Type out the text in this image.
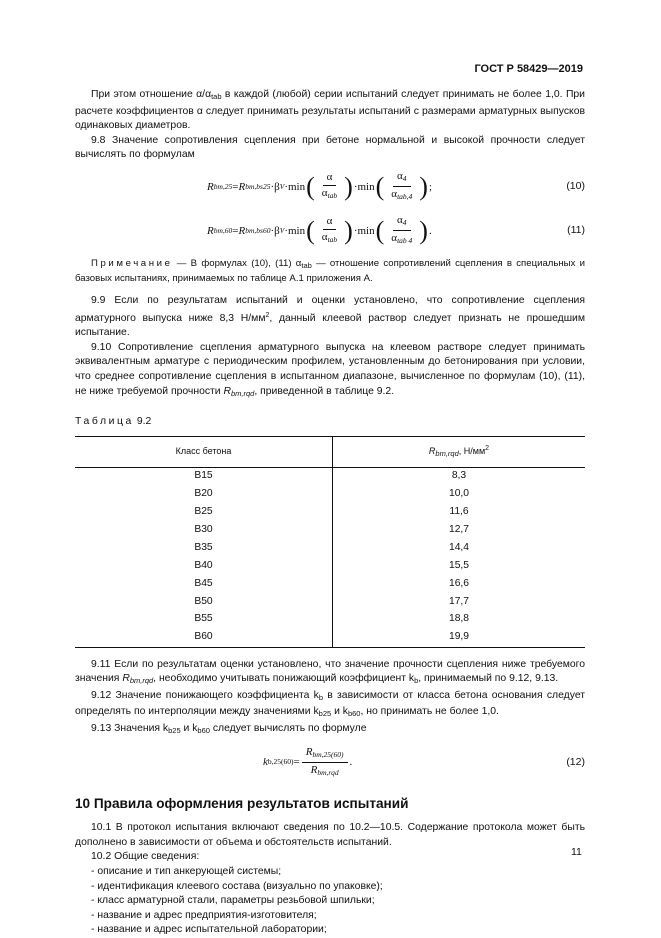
ГОСТ Р 58429—2019

При этом отношение $\alpha/\alpha_{tab}$ в каждой (любой) серии испытаний следует принимать не более 1,0. При расчете коэффициентов α следует принимать результаты испытаний с размерами арматурных выпусков одинаковых диаметров.

9.8 Значение сопротивления сцепления при бетоне нормальной и высокой прочности следует вычислять по формулам

R bm,25 = R bm,bs25 · β V · min ( $\frac{\alpha}{\alpha_{tab}}$ ) · min ( $\frac{\alpha_4}{\alpha_{tab,4}}$ ) ;	(10)
R bm,60 = R bm,bs60 · β V · min ( $\frac{\alpha}{\alpha_{tab}}$ ) · min ( $\frac{\alpha_4}{\alpha_{tab 4}}$ ) .	(11)

Примечание — В формулах (10), (11) $\alpha_{tab}$ — отношение сопротивлений сцепления в специальных и базовых испытаниях, принимаемых по таблице А.1 приложения А.

9.9 Если по результатам испытаний и оценки установлено, что сопротивление сцепления арматурного выпуска ниже 8,3 $Н/мм^2$, данный клеевой раствор следует признать не прошедшим испытание.

9.10 Сопротивление сцепления арматурного выпуска на клеевом растворе следует принимать эквивалентным арматуре с периодическим профилем, установленным до бетонирования при условии, что среднее сопротивление сцепления в испытанном диапазоне, вычисленное по формулам (10), (11), не ниже требуемой прочности $R_{bm,rqd}$, приведенной в таблице 9.2.

Таблица 9.2
Класс бетона	$R_{bm,rqd}$, $Н/мм^2$
B15	8,3
B20	10,0
B25	11,6
B30	12,7
B35	14,4
B40	15,5
B45	16,6
B50	17,7
B55	18,8
B60	19,9

9.11 Если по результатам оценки установлено, что значение прочности сцепления ниже требуемого значения $R_{bm,rqd}$, необходимо учитывать понижающий коэффициент $k_b$, принимаемый по 9.12, 9.13.

9.12 Значение понижающего коэффициента $k_b$ в зависимости от класса бетона основания следует определять по интерполяции между значениями $k_{b25}$ и $k_{b60}$, но принимать не более 1,0.

9.13 Значения $k_{b25}$ и $k_{b60}$ следует вычислять по формуле

k $b,25(60) = \frac{R_{bm,25(60)}}{R_{bm,rqd}}$ .	(12)
10 Правила оформления результатов испытаний

10.1 В протокол испытания включают сведения по 10.2—10.5. Содержание протокола может быть дополнено в зависимости от объема и обстоятельств испытаний.

10.2 Общие сведения:

- описание и тип анкерующей системы;

- идентификация клеевого состава (визуально по упаковке);

- класс арматурной стали, параметры резьбовой шпильки;

- название и адрес предприятия-изготовителя;

- название и адрес испытательной лаборатории;

11
